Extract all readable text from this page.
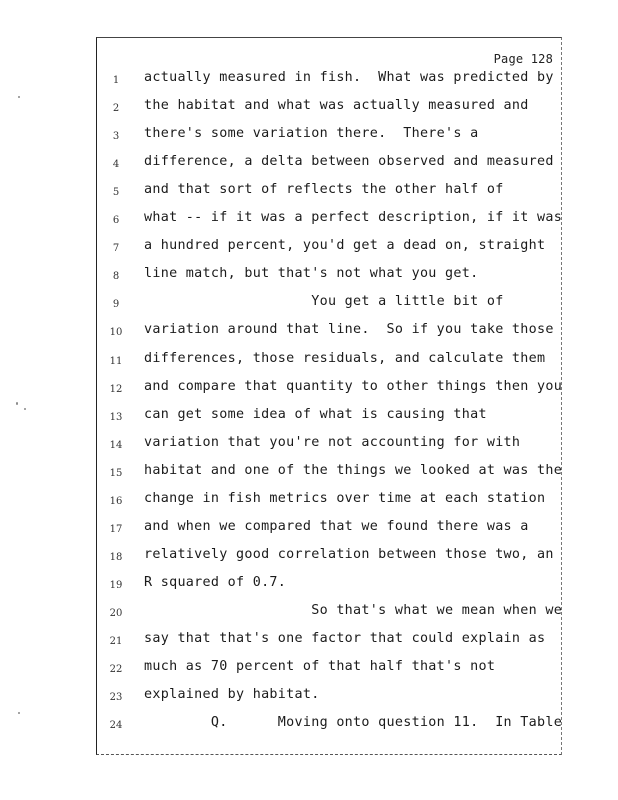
Page 128
1	actually measured in fish.  What was predicted by
2	the habitat and what was actually measured and
3	there's some variation there.  There's a
4	difference, a delta between observed and measured
5	and that sort of reflects the other half of
6	what -- if it was a perfect description, if it was
7	a hundred percent, you'd get a dead on, straight
8	line match, but that's not what you get.
9	You get a little bit of
10	variation around that line.  So if you take those
11	differences, those residuals, and calculate them
12	and compare that quantity to other things then you
13	can get some idea of what is causing that
14	variation that you're not accounting for with
15	habitat and one of the things we looked at was the
16	change in fish metrics over time at each station
17	and when we compared that we found there was a
18	relatively good correlation between those two, an
19	R squared of 0.7.
20	So that's what we mean when we
21	say that that's one factor that could explain as
22	much as 70 percent of that half that's not
23	explained by habitat.
24	Q.      Moving onto question 11.  In Table
